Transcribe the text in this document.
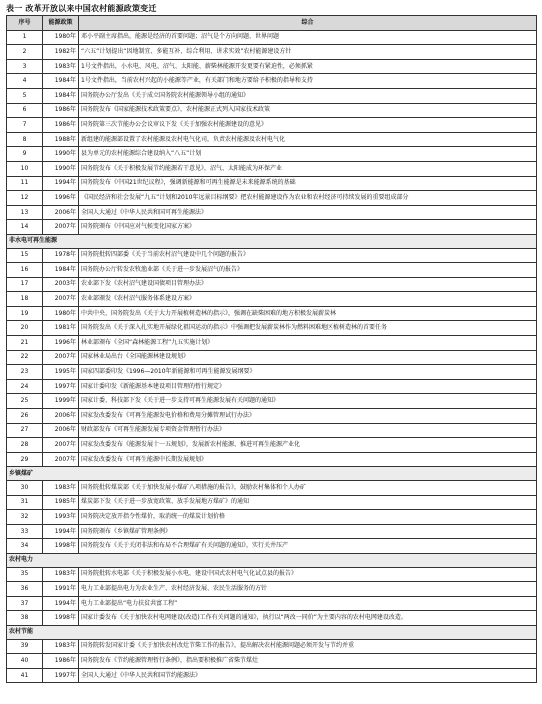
表一 改革开放以来中国农村能源政策变迁
序号	能源政策	综合
1	1980年	邓小平副主席指出，能源是经济的首要问题；沼气是个方向问题、世界问题
2	1982年	“六五”计划提出“因地制宜、多能互补、综合利用、讲求实效”农村能源建设方针
3	1983年	1号文件指出，小水电、风电、沼气、太阳能、薪柴林能源开发更要有紧迫性，必须抓紧
4	1984年	1号文件指出，当前农村兴起的小能源等产业，有关部门和地方要给予积极的指导和支持
5	1984年	国务院办公厅发出《关于成立国务院农村能源领导小组的通知》
6	1986年	国务院发布《国家能源技术政策要点》，农村能源正式列入国家技术政策
7	1986年	国务院第三次节能办公会议审议下发《关于加强农村能源建设的意见》
8	1988年	新组建的能源部设置了农村能源及农村电气化司，负责农村能源及农村电气化
9	1990年	县为单元的农村能源综合建设纳入“八五”计划
10	1990年	国务院发布《关于积极发展节约能源若干意见》，沼气、太阳能成为环保产业
11	1994年	国务院发布《中国21世纪议程》，强调新能源和可再生能源是未来能源系统的基础
12	1996年	《国民经济和社会发展“九五”计划和2010年远景目标纲要》把农村能源建设作为农业和农村经济可持续发展的重要组成部分
13	2006年	全国人大通过《中华人民共和国可再生能源法》
14	2007年	国务院颁布《中国应对气候变化国家方案》
非水电可再生能源		
15	1978年	国务院批转四部委《关于当前农村沼气建设中几个问题的报告》
16	1984年	国务院办公厅转发农牧渔业部《关于进一步发展沼气的报告》
17	2003年	农业部下发《农村沼气建设国债项目管理办法》
18	2007年	农业部颁发《农村沼气服务体系建设方案》
19	1980年	中共中央、国务院发出《关于大力开展植树造林的指示》，强调在缺柴困难的地方积极发展薪炭林
20	1981年	国务院发出《关于深入扎实地开展绿化祖国运动的指示》中强调把发展薪炭林作为燃料困难地区植树造林的首要任务
21	1996年	林业部颁布《全国“森林能源工程”九五实施计划》
22	2007年	国家林业局出台《全国能源林建设规划》
23	1995年	国家四部委印发《1996—2010年新能源和可再生能源发展纲要》
24	1997年	国家计委印发《新能源基本建设项目管理的暂行规定》
25	1999年	国家计委、科技部下发《关于进一步支持可再生能源发展有关问题的通知》
26	2006年	国家发改委发布《可再生能源发电价格和费用分摊管理试行办法》
27	2006年	财政部发布《可再生能源发展专项资金管理暂行办法》
28	2007年	国家发改委发布《能源发展十一五规划》，发展新农村能源、推进可再生能源产业化
29	2007年	国家发改委发布《可再生能源中长期发展规划》
乡镇煤矿		
30	1983年	国务院批转煤炭部《关于加快发展小煤矿八项措施的报告》，鼓励农村集体和个人办矿
31	1985年	煤炭部下发《关于进一步放宽政策、放手发展地方煤矿》的通知
32	1993年	国务院决定放开指令性煤价，取消统一的煤炭计划价格
33	1994年	国务院颁布《乡镇煤矿管理条例》
34	1998年	国务院发布《关于关闭非法和布局不合理煤矿有关问题的通知》，实行关井压产
农村电力		
35	1983年	国务院批转水电部《关于积极发展小水电，建设中国式农村电气化试点县的报告》
36	1991年	电力工业部提出电力为农业生产、农村经济发展、农民生活服务的方针
37	1994年	电力工业部提出“电力扶贫共富工程”
38	1998年	国家计委发布《关于加快农村电网建设(改造)工作有关问题的通知》，执行以“两改一同价”为主要内容的农村电网建设改造。
农村节能		
39	1983年	国务院转发国家计委《关于加快农村改灶节柴工作的报告》，提出解决农村能源问题必须开发与节约并重
40	1986年	国务院发布《节约能源管理暂行条例》，指出要积极推广省柴节煤灶
41	1997年	全国人大通过《中华人民共和国节约能源法》
